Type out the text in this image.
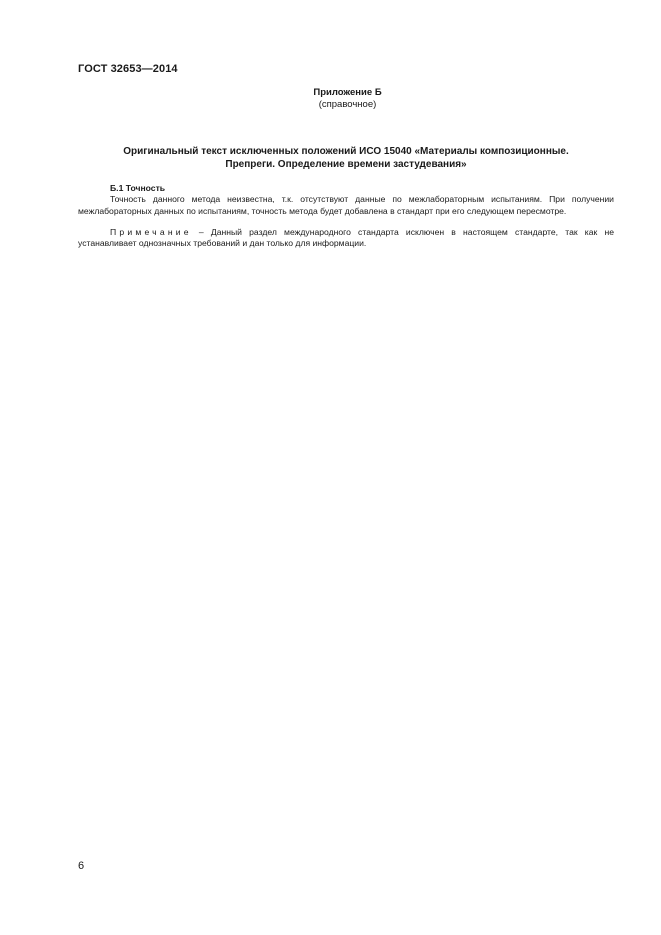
ГОСТ 32653—2014
Приложение Б
(справочное)
Оригинальный текст исключенных положений ИСО 15040 «Материалы композиционные.
Препреги. Определение времени застудевания»
Б.1 Точность

Точность данного метода неизвестна, т.к. отсутствуют данные по межлабораторным испытаниям. При получении межлабораторных данных по испытаниям, точность метода будет добавлена в стандарт при его следующем пересмотре.

Примечание – Данный раздел международного стандарта исключен в настоящем стандарте, так как не устанавливает однозначных требований и дан только для информации.

6
